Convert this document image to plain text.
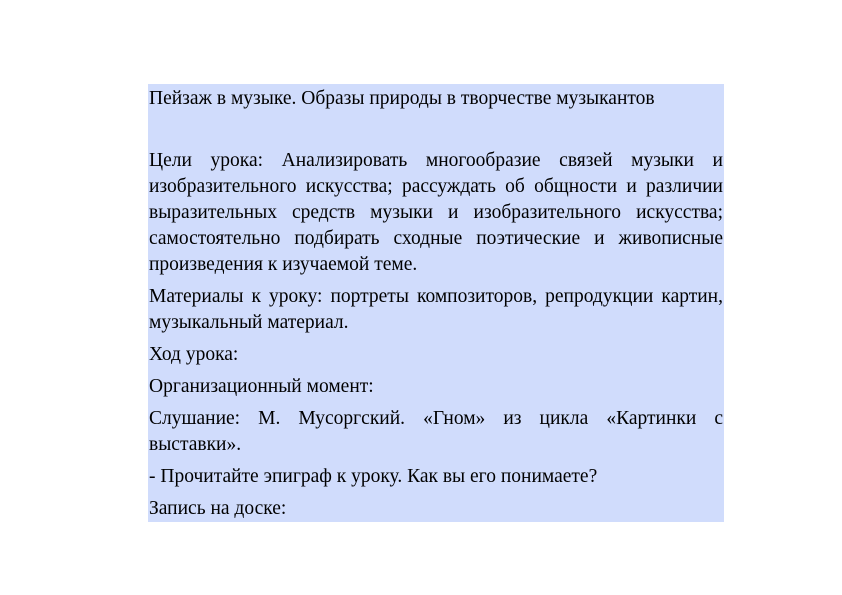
Пейзаж в музыке. Образы природы в творчестве музыкантов

Цели урока: Анализировать многообразие связей музыки и изобразительного искусства; рассуждать об общности и различии выразительных средств музыки и изобразительного искусства; самостоятельно подбирать сходные поэтические и живописные произведения к изучаемой теме.

Материалы к уроку: портреты композиторов, репродукции картин, музыкальный материал.

Ход урока:

Организационный момент:

Слушание: М. Мусоргский. «Гном» из цикла «Картинки с выставки».

- Прочитайте эпиграф к уроку. Как вы его понимаете?

Запись на доске:
